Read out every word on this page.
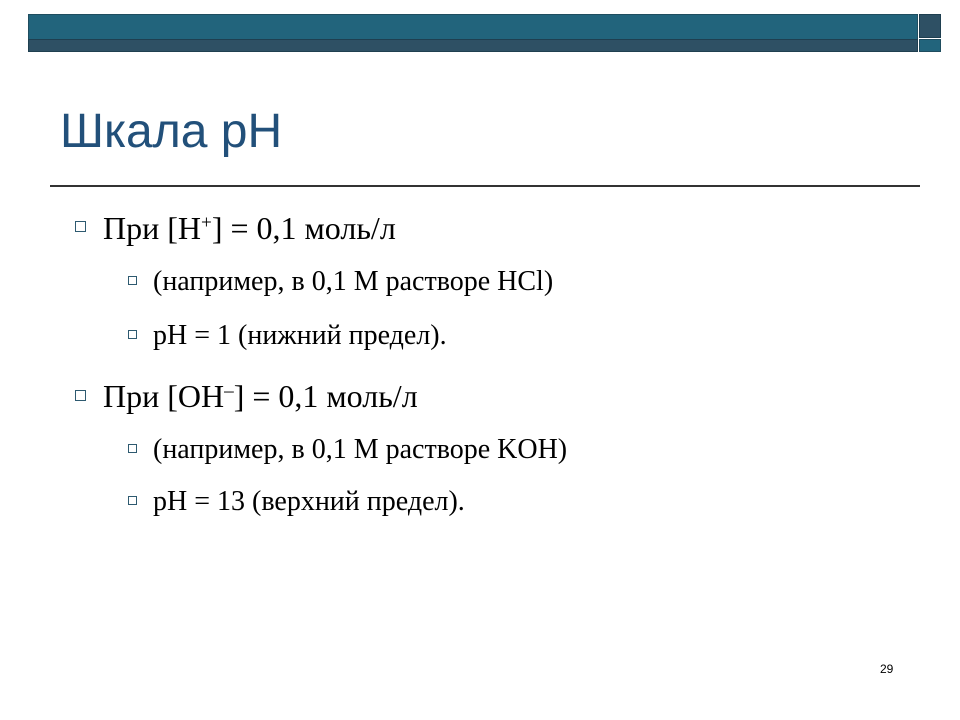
Шкала рН
При [Н+] = 0,1 моль/л
(например, в 0,1 М растворе HCl)
рН = 1 (нижний предел).
При [ОН–] = 0,1 моль/л
(например, в 0,1 М растворе KOH)
рН = 13 (верхний предел).
29
